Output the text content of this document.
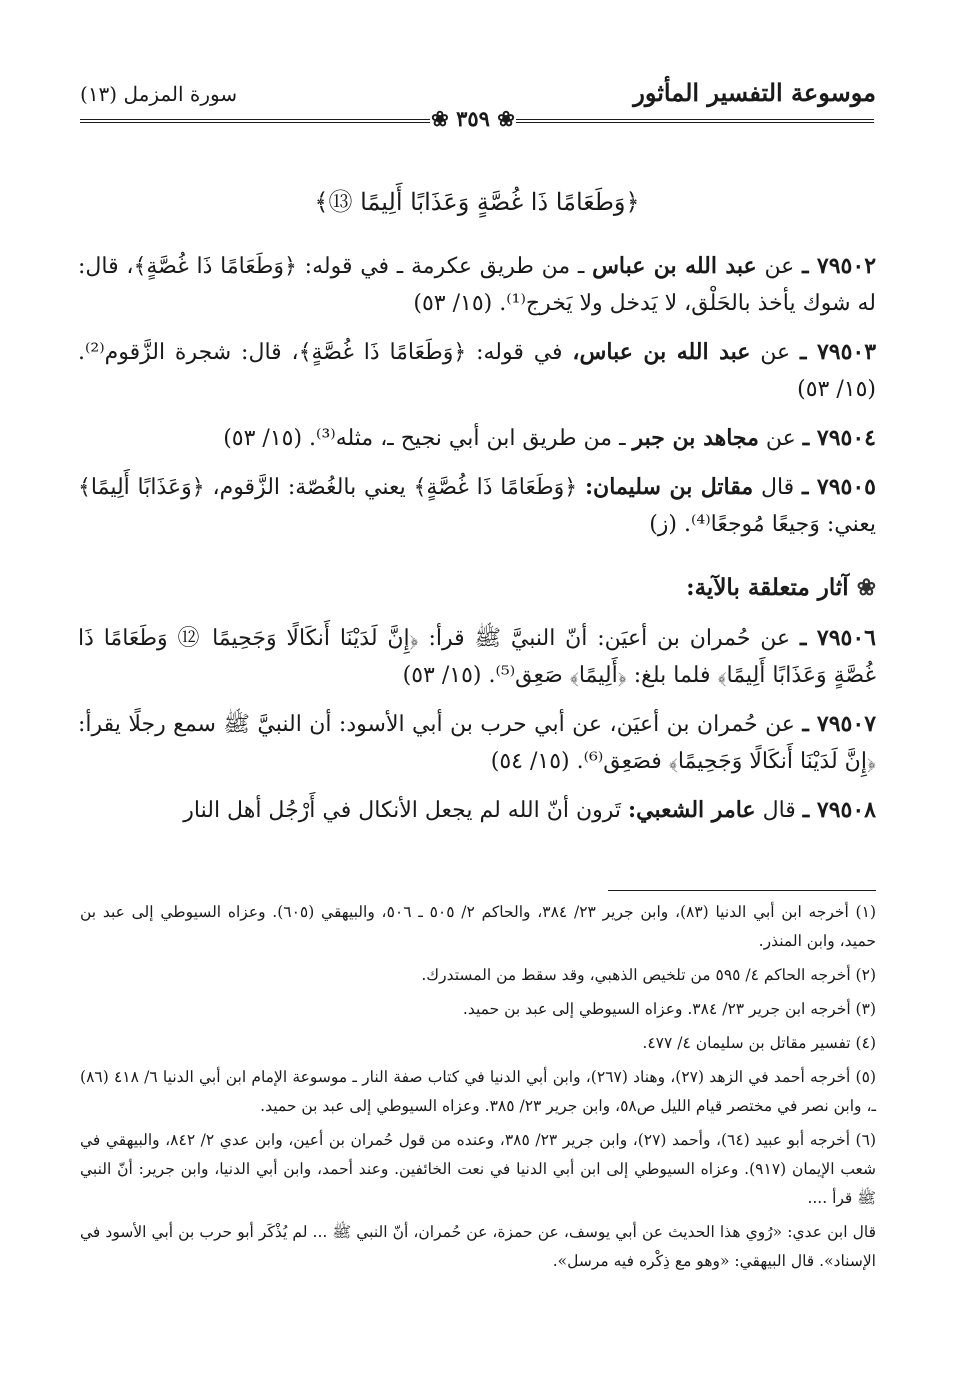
موسوعة التفسير المأثور
سورة المزمل (١٣)
❀ ٣٥٩ ❀
﴿وَطَعَامًا ذَا غُصَّةٍ وَعَذَابًا أَلِيمًا ⑬﴾

٧٩٥٠٢ ـ عن عبد الله بن عباس ـ من طريق عكرمة ـ في قوله: ﴿وَطَعَامًا ذَا غُصَّةٍ﴾، قال: له شوك يأخذ بالحَلْق، لا يَدخل ولا يَخرج⁽¹⁾. (١٥/ ٥٣)

٧٩٥٠٣ ـ عن عبد الله بن عباس، في قوله: ﴿وَطَعَامًا ذَا غُصَّةٍ﴾، قال: شجرة الزَّقوم⁽²⁾. (١٥/ ٥٣)

٧٩٥٠٤ ـ عن مجاهد بن جبر ـ من طريق ابن أبي نجيح ـ، مثله⁽³⁾. (١٥/ ٥٣)

٧٩٥٠٥ ـ قال مقاتل بن سليمان: ﴿وَطَعَامًا ذَا غُصَّةٍ﴾ يعني بالغُصّة: الزَّقوم، ﴿وَعَذَابًا أَلِيمًا﴾ يعني: وَجيعًا مُوجعًا⁽⁴⁾. (ز)

❀ آثار متعلقة بالآية:

٧٩٥٠٦ ـ عن حُمران بن أعيَن: أنّ النبيَّ ﷺ قرأ: ﴿إِنَّ لَدَيْنَا أَنكَالًا وَجَحِيمًا ⑫ وَطَعَامًا ذَا غُصَّةٍ وَعَذَابًا أَلِيمًا﴾ فلما بلغ: ﴿أَلِيمًا﴾ صَعِق⁽⁵⁾. (١٥/ ٥٣)

٧٩٥٠٧ ـ عن حُمران بن أعيَن، عن أبي حرب بن أبي الأسود: أن النبيَّ ﷺ سمع رجلًا يقرأ: ﴿إِنَّ لَدَيْنَا أَنكَالًا وَجَحِيمًا﴾ فصَعِق⁽⁶⁾. (١٥/ ٥٤)

٧٩٥٠٨ ـ قال عامر الشعبي: تَرون أنّ الله لم يجعل الأنكال في أَرْجُل أهل النار

(١) أخرجه ابن أبي الدنيا (٨٣)، وابن جرير ٢٣/ ٣٨٤، والحاكم ٢/ ٥٠٥ ـ ٥٠٦، والبيهقي (٦٠٥). وعزاه السيوطي إلى عبد بن حميد، وابن المنذر.

(٢) أخرجه الحاكم ٤/ ٥٩٥ من تلخيص الذهبي، وقد سقط من المستدرك.

(٣) أخرجه ابن جرير ٢٣/ ٣٨٤. وعزاه السيوطي إلى عبد بن حميد.

(٤) تفسير مقاتل بن سليمان ٤/ ٤٧٧.

(٥) أخرجه أحمد في الزهد (٢٧)، وهناد (٢٦٧)، وابن أبي الدنيا في كتاب صفة النار ـ موسوعة الإمام ابن أبي الدنيا ٦/ ٤١٨ (٨٦) ـ، وابن نصر في مختصر قيام الليل ص٥٨، وابن جرير ٢٣/ ٣٨٥. وعزاه السيوطي إلى عبد بن حميد.

(٦) أخرجه أبو عبيد (٦٤)، وأحمد (٢٧)، وابن جرير ٢٣/ ٣٨٥، وعنده من قول حُمران بن أعين، وابن عدي ٢/ ٨٤٢، والبيهقي في شعب الإيمان (٩١٧). وعزاه السيوطي إلى ابن أبي الدنيا في نعت الخائفين. وعند أحمد، وابن أبي الدنيا، وابن جرير: أنّ النبي ﷺ قرأ ....

قال ابن عدي: «رُوي هذا الحديث عن أبي يوسف، عن حمزة، عن حُمران، أنّ النبي ﷺ ... لم يُذْكَر أبو حرب بن أبي الأسود في الإسناد». قال البيهقي: «وهو مع ذِكْره فيه مرسل».
